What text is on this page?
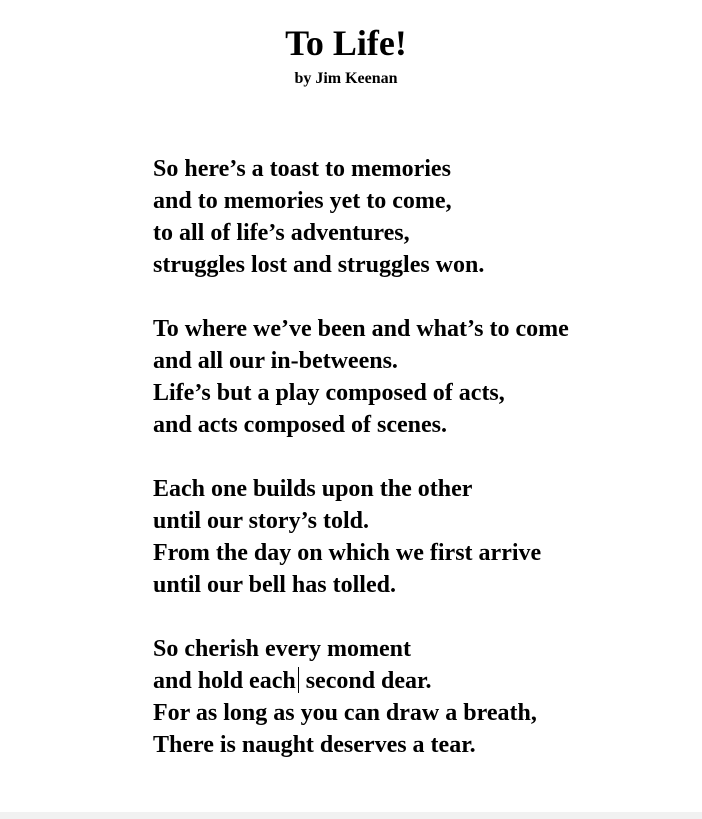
To Life!
by Jim Keenan
So here’s a toast to memories
and to memories yet to come,
to all of life’s adventures,
struggles lost and struggles won.
To where we’ve been and what’s to come
and all our in-betweens.
Life’s but a play composed of acts,
and acts composed of scenes.
Each one builds upon the other
until our story’s told.
From the day on which we first arrive
until our bell has tolled.
So cherish every moment
and hold each second dear.
For as long as you can draw a breath,
There is naught deserves a tear.
